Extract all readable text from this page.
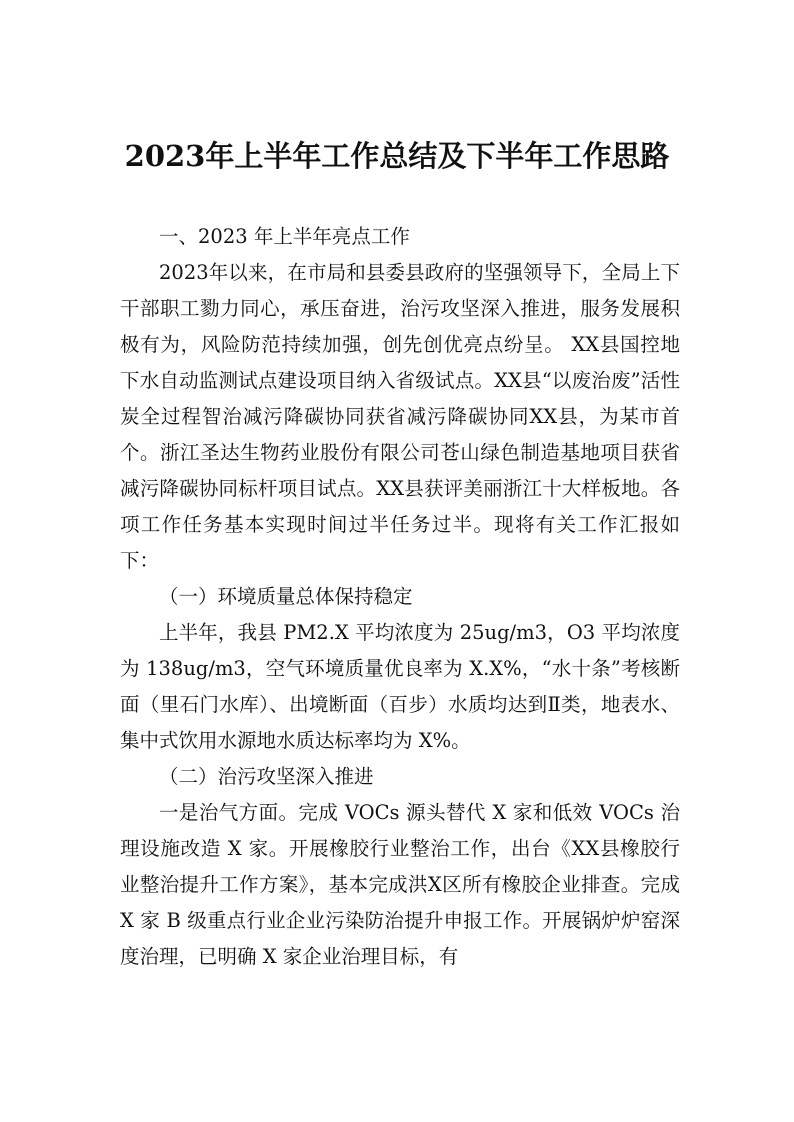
2023年上半年工作总结及下半年工作思路

一、2023 年上半年亮点工作

2023年以来，在市局和县委县政府的坚强领导下，全局上下干部职工勠力同心，承压奋进，治污攻坚深入推进，服务发展积极有为，风险防范持续加强，创先创优亮点纷呈。 XX县国控地下水自动监测试点建设项目纳入省级试点。XX县“以废治废”活性炭全过程智治减污降碳协同获省减污降碳协同XX县，为某市首个。浙江圣达生物药业股份有限公司苍山绿色制造基地项目获省减污降碳协同标杆项目试点。XX县获评美丽浙江十大样板地。各项工作任务基本实现时间过半任务过半。现将有关工作汇报如下：

（一）环境质量总体保持稳定

上半年，我县 PM2.X 平均浓度为 25ug/m3，O3 平均浓度为 138ug/m3，空气环境质量优良率为 X.X%，“水十条”考核断面（里石门水库）、出境断面（百步）水质均达到Ⅱ类，地表水、集中式饮用水源地水质达标率均为 X%。

（二）治污攻坚深入推进

一是治气方面。完成 VOCs 源头替代 X 家和低效 VOCs 治理设施改造 X 家。开展橡胶行业整治工作，出台《XX县橡胶行业整治提升工作方案》，基本完成洪X区所有橡胶企业排查。完成 X 家 B 级重点行业企业污染防治提升申报工作。开展锅炉炉窑深度治理，已明确 X 家企业治理目标，有
